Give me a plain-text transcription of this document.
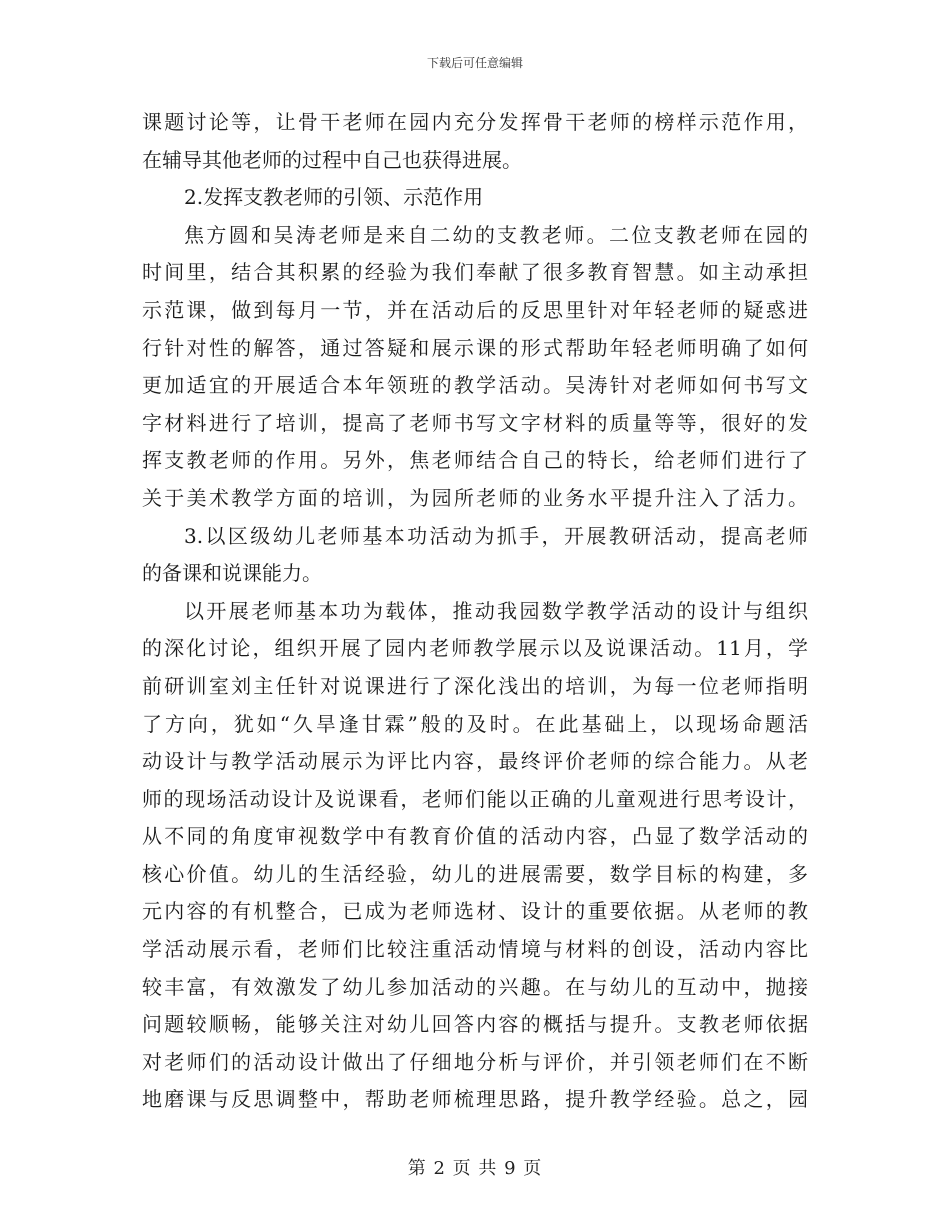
下载后可任意编辑
课题讨论等，让骨干老师在园内充分发挥骨干老师的榜样示范作用，
在辅导其他老师的过程中自己也获得进展。
2.发挥支教老师的引领、示范作用
焦方圆和吴涛老师是来自二幼的支教老师。二位支教老师在园的
时间里，结合其积累的经验为我们奉献了很多教育智慧。如主动承担
示范课，做到每月一节，并在活动后的反思里针对年轻老师的疑惑进
行针对性的解答，通过答疑和展示课的形式帮助年轻老师明确了如何
更加适宜的开展适合本年领班的教学活动。吴涛针对老师如何书写文
字材料进行了培训，提高了老师书写文字材料的质量等等，很好的发
挥支教老师的作用。另外，焦老师结合自己的特长，给老师们进行了
关于美术教学方面的培训，为园所老师的业务水平提升注入了活力。
3.以区级幼儿老师基本功活动为抓手，开展教研活动，提高老师
的备课和说课能力。
以开展老师基本功为载体，推动我园数学教学活动的设计与组织
的深化讨论，组织开展了园内老师教学展示以及说课活动。11月，学
前研训室刘主任针对说课进行了深化浅出的培训，为每一位老师指明
了方向，犹如“久旱逢甘霖”般的及时。在此基础上，以现场命题活
动设计与教学活动展示为评比内容，最终评价老师的综合能力。从老
师的现场活动设计及说课看，老师们能以正确的儿童观进行思考设计，
从不同的角度审视数学中有教育价值的活动内容，凸显了数学活动的
核心价值。幼儿的生活经验，幼儿的进展需要，数学目标的构建，多
元内容的有机整合，已成为老师选材、设计的重要依据。从老师的教
学活动展示看，老师们比较注重活动情境与材料的创设，活动内容比
较丰富，有效激发了幼儿参加活动的兴趣。在与幼儿的互动中，抛接
问题较顺畅，能够关注对幼儿回答内容的概括与提升。支教老师依据
对老师们的活动设计做出了仔细地分析与评价，并引领老师们在不断
地磨课与反思调整中，帮助老师梳理思路，提升教学经验。总之，园
第 2 页 共 9 页
